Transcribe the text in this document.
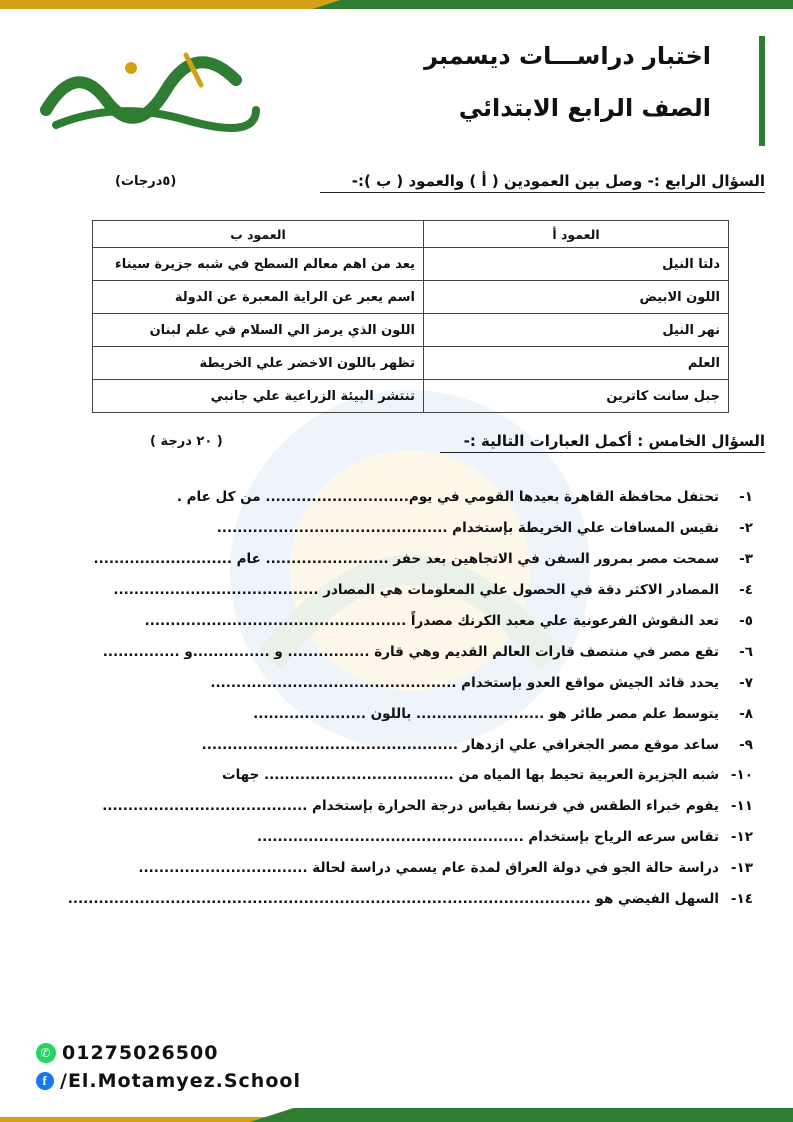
اختبار دراســـات ديسمبر
الصف الرابع الابتدائي
السؤال الرابع :- وصل بين العمودين ( أ ) والعمود ( ب ):-
(٥درجات)
العمود أ	العمود ب
دلتا النيل	يعد من اهم معالم السطح في شبه جزيرة سيناء
اللون الابيض	اسم يعبر عن الراية المعبرة عن الدولة
نهر النيل	اللون الذي يرمز الي السلام في علم لبنان
العلم	تظهر باللون الاخضر علي الخريطة
جبل سانت كاترين	تنتشر البيئة الزراعية علي جانبي
السؤال الخامس : أكمل العبارات التالية :-
( ٢٠ درجة )
١-
تحتفل محافظة القاهرة بعيدها القومي في يوم............................ من كل عام .
٢-
نقيس المسافات علي الخريطة بإستخدام .............................................
٣-
سمحت مصر بمرور السفن في الاتجاهين بعد حفر ........................ عام ...........................
٤-
المصادر الاكثر دقة في الحصول علي المعلومات هي المصادر ........................................
٥-
تعد النقوش الفرعونية علي معبد الكرنك مصدراً ...................................................
٦-
تقع مصر في منتصف قارات العالم القديم وهي قارة ................ و ...............و ...............
٧-
يحدد قائد الجيش مواقع العدو بإستخدام ................................................
٨-
يتوسط علم مصر طائر هو ......................... باللون ......................
٩-
ساعد موقع مصر الجغرافي علي ازدهار ..................................................
١٠-
شبه الجزيرة العربية تحيط بها المياه من ..................................... جهات
١١-
يقوم خبراء الطقس في فرنسا بقياس درجة الحرارة بإستخدام ........................................
١٢-
تقاس سرعه الرياح بإستخدام ....................................................
١٣-
دراسة حالة الجو في دولة العراق لمدة عام يسمي دراسة لحالة .................................
١٤-
السهل الفيضي هو ......................................................................................................
✆ 01275026500
f /El.Motamyez.School
